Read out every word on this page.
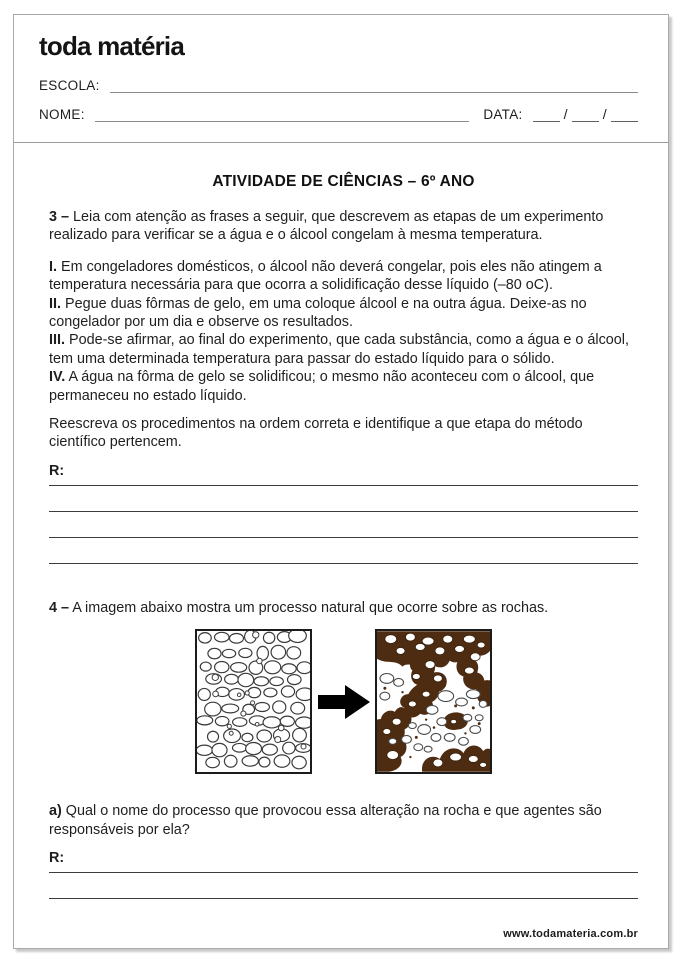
toda matéria
ESCOLA:
NOME:	DATA:	/	/
ATIVIDADE DE CIÊNCIAS – 6º ANO

3 – Leia com atenção as frases a seguir, que descrevem as etapas de um experimento realizado para verificar se a água e o álcool congelam à mesma temperatura.

I. Em congeladores domésticos, o álcool não deverá congelar, pois eles não atingem a temperatura necessária para que ocorra a solidificação desse líquido (–80 oC).

II. Pegue duas fôrmas de gelo, em uma coloque álcool e na outra água. Deixe-as no congelador por um dia e observe os resultados.

III. Pode-se afirmar, ao final do experimento, que cada substância, como a água e o álcool, tem uma determinada temperatura para passar do estado líquido para o sólido.

IV. A água na fôrma de gelo se solidificou; o mesmo não aconteceu com o álcool, que permaneceu no estado líquido.

Reescreva os procedimentos na ordem correta e identifique a que etapa do método científico pertencem.

R:

4 – A imagem abaixo mostra um processo natural que ocorre sobre as rochas.

a) Qual o nome do processo que provocou essa alteração na rocha e que agentes são responsáveis por ela?

R:
www.todamateria.com.br
